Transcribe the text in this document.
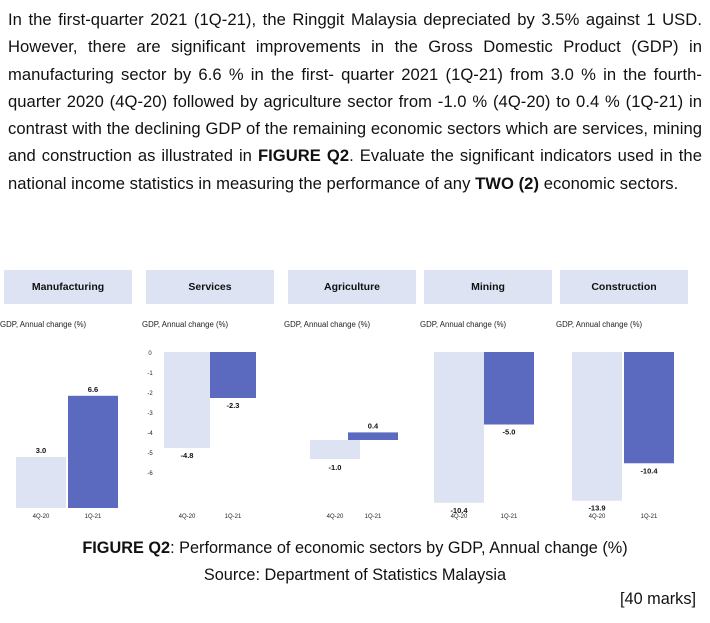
In the first-quarter 2021 (1Q-21), the Ringgit Malaysia depreciated by 3.5% against 1 USD. However, there are significant improvements in the Gross Domestic Product (GDP) in manufacturing sector by 6.6 % in the first- quarter 2021 (1Q-21) from 3.0 % in the fourth-quarter 2020 (4Q-20) followed by agriculture sector from -1.0 % (4Q-20) to 0.4 % (1Q-21) in contrast with the declining GDP of the remaining economic sectors which are services, mining and construction as illustrated in FIGURE Q2. Evaluate the significant indicators used in the national income statistics in measuring the performance of any TWO (2) economic sectors.
Manufacturing
GDP, Annual change (%)
3.0
4Q-20
6.6
1Q-21
Services
GDP, Annual change (%)
-4.8
4Q-20
-2.3
1Q-21
0
-1
-2
-3
-4
-5
-6
Agriculture
GDP, Annual change (%)
-1.0
4Q-20
0.4
1Q-21
Mining
GDP, Annual change (%)
-10.4
4Q-20
-5.0
1Q-21
Construction
GDP, Annual change (%)
-13.9
4Q-20
-10.4
1Q-21
FIGURE Q2: Performance of economic sectors by GDP, Annual change (%)
Source: Department of Statistics Malaysia
[40 marks]
